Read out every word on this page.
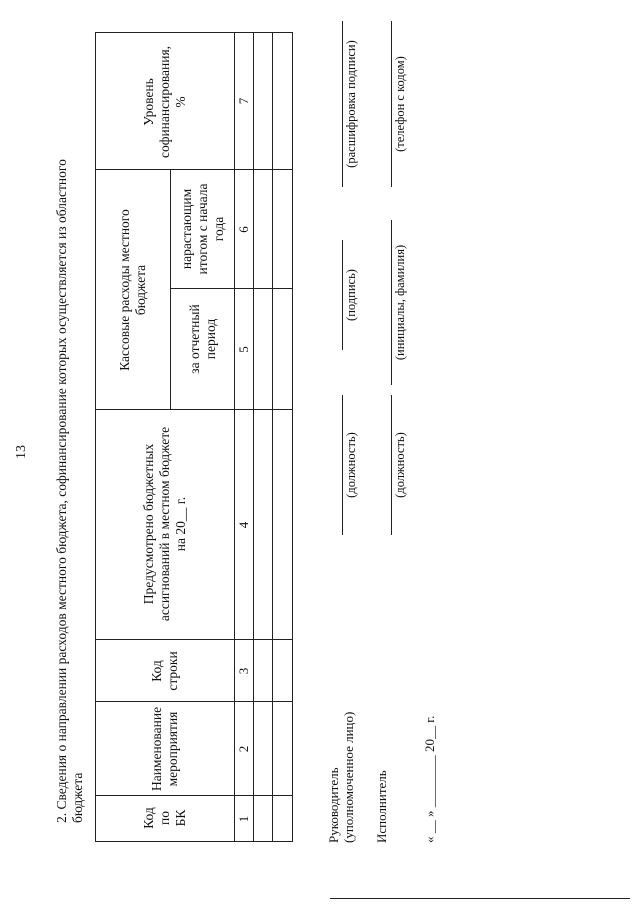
13 2. Сведения о направлении расходов местного бюджета, софинансирование которых осуществляется из областного бюджета	Код по БК
Наименование мероприятия
Код строки
Предусмотрено бюджетных ассигнований в местном бюджете на 20__ г.
Кассовые расходы местного бюджета
за отчетный период
нарастающим итогом с начала года
Уровень софинансирования, %
1
2
3
4
5
6
7
Руководитель (уполномоченное лицо)
(должность)
(подпись)
(расшифровка подписи)
Исполнитель
(должность)
(инициалы, фамилия)
(телефон с кодом)
« __ » ________ 20__ г.
